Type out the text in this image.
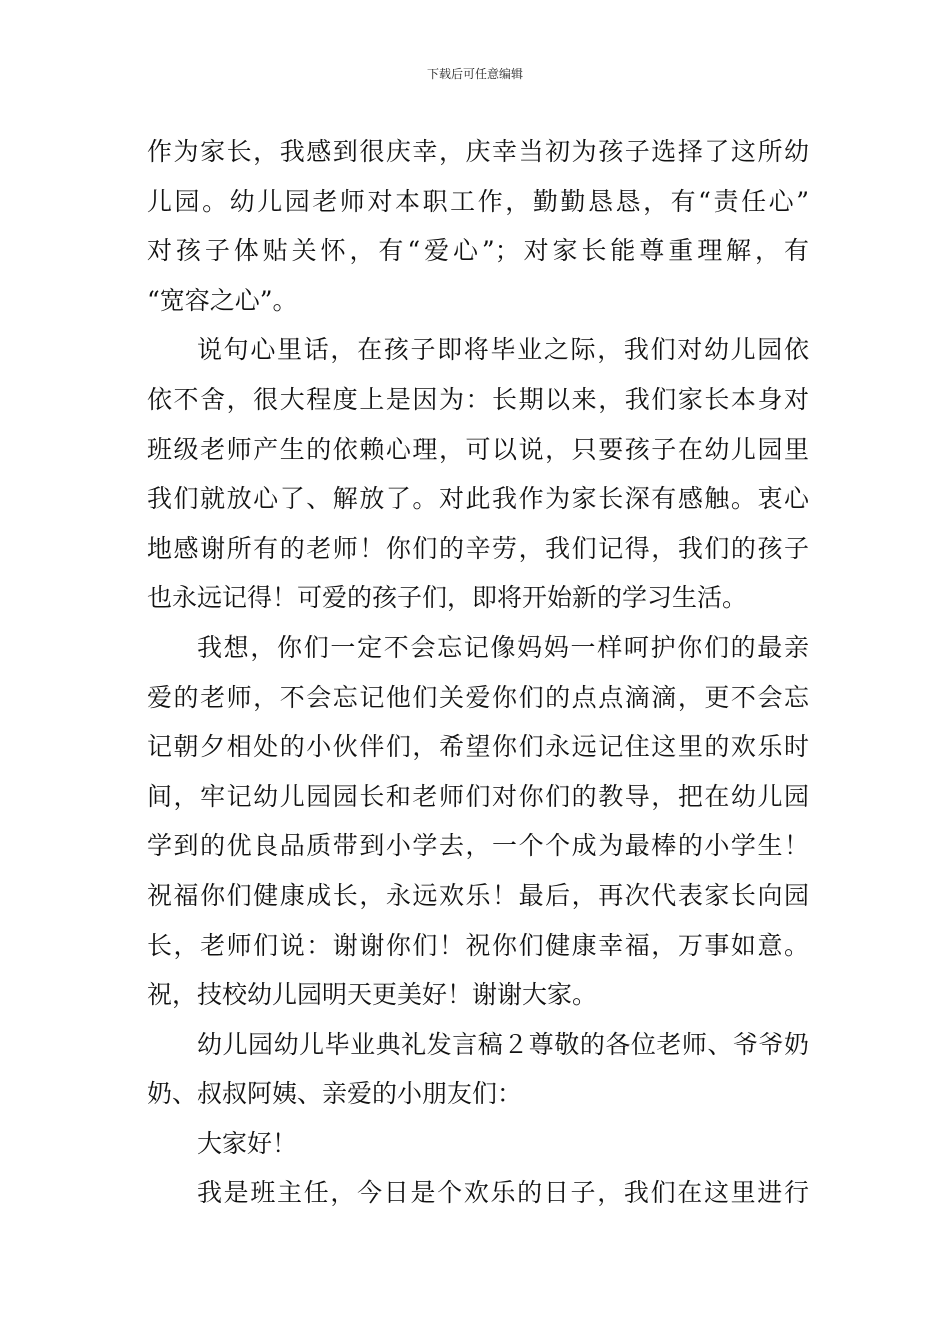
下载后可任意编辑
作为家长，我感到很庆幸，庆幸当初为孩子选择了这所幼
儿园。幼儿园老师对本职工作，勤勤恳恳，有“责任心”
对孩子体贴关怀，有“爱心”；对家长能尊重理解，有
“宽容之心”。
说句心里话，在孩子即将毕业之际，我们对幼儿园依
依不舍，很大程度上是因为：长期以来，我们家长本身对
班级老师产生的依赖心理，可以说，只要孩子在幼儿园里
我们就放心了、解放了。对此我作为家长深有感触。衷心
地感谢所有的老师！你们的辛劳，我们记得，我们的孩子
也永远记得！可爱的孩子们，即将开始新的学习生活。
我想，你们一定不会忘记像妈妈一样呵护你们的最亲
爱的老师，不会忘记他们关爱你们的点点滴滴，更不会忘
记朝夕相处的小伙伴们，希望你们永远记住这里的欢乐时
间，牢记幼儿园园长和老师们对你们的教导，把在幼儿园
学到的优良品质带到小学去，一个个成为最棒的小学生！
祝福你们健康成长，永远欢乐！最后，再次代表家长向园
长，老师们说：谢谢你们！祝你们健康幸福，万事如意。
祝，技校幼儿园明天更美好！谢谢大家。
幼儿园幼儿毕业典礼发言稿２尊敬的各位老师、爷爷奶
奶、叔叔阿姨、亲爱的小朋友们：
大家好！
我是班主任，今日是个欢乐的日子，我们在这里进行
